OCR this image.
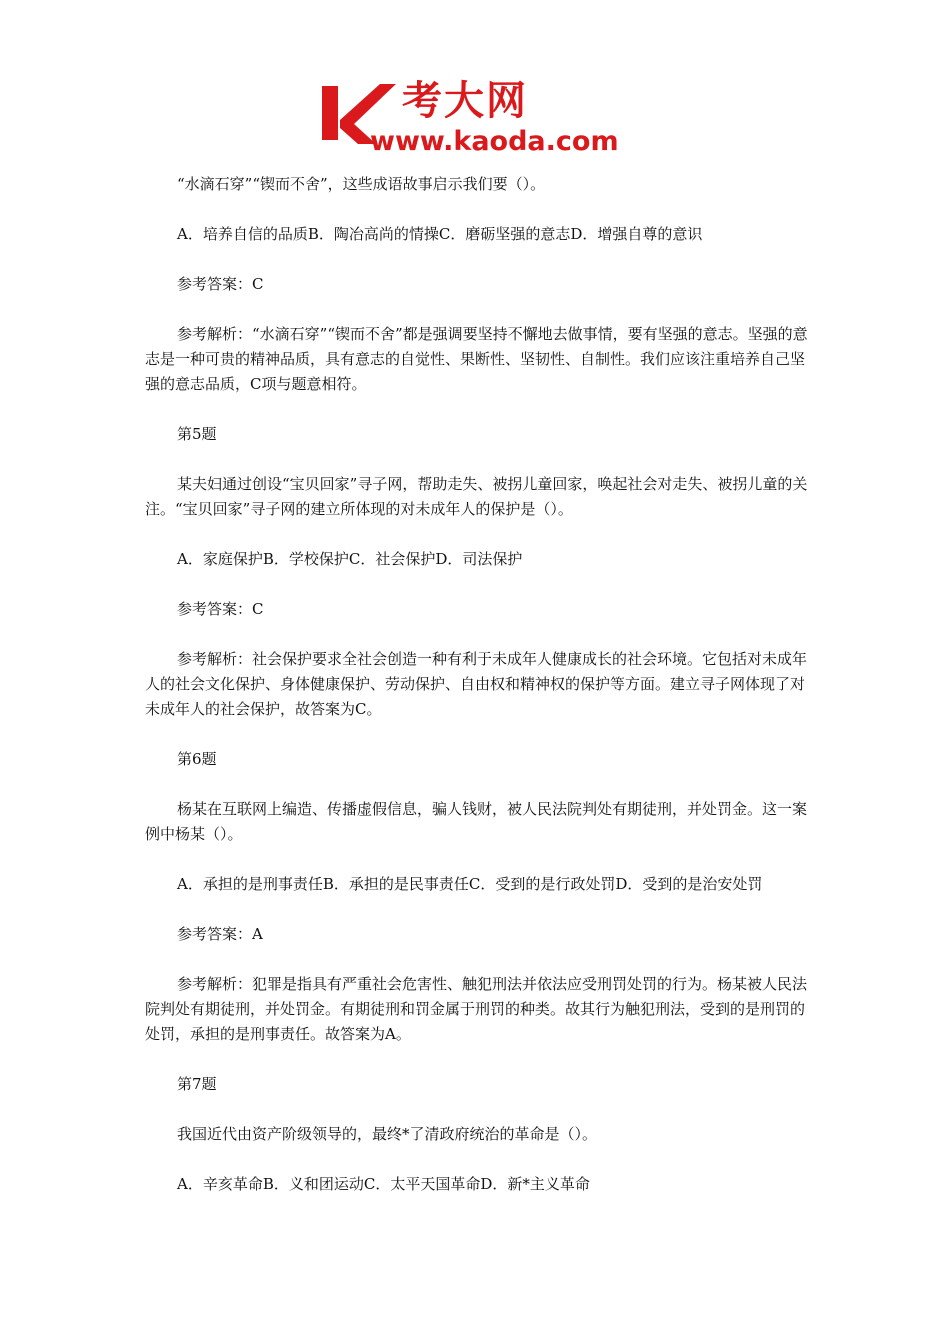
考大网
www.kaoda.com

“水滴石穿”“锲而不舍”，这些成语故事启示我们要（）。

A．培养自信的品质B．陶冶高尚的情操C．磨砺坚强的意志D．增强自尊的意识

参考答案：C

参考解析：“水滴石穿”“锲而不舍”都是强调要坚持不懈地去做事情，要有坚强的意志。坚强的意志是一种可贵的精神品质，具有意志的自觉性、果断性、坚韧性、自制性。我们应该注重培养自己坚强的意志品质，C项与题意相符。

第5题

某夫妇通过创设“宝贝回家”寻子网，帮助走失、被拐儿童回家，唤起社会对走失、被拐儿童的关注。“宝贝回家”寻子网的建立所体现的对未成年人的保护是（）。

A．家庭保护B．学校保护C．社会保护D．司法保护

参考答案：C

参考解析：社会保护要求全社会创造一种有利于未成年人健康成长的社会环境。它包括对未成年人的社会文化保护、身体健康保护、劳动保护、自由权和精神权的保护等方面。建立寻子网体现了对未成年人的社会保护，故答案为C。

第6题

杨某在互联网上编造、传播虚假信息，骗人钱财，被人民法院判处有期徒刑，并处罚金。这一案例中杨某（）。

A．承担的是刑事责任B．承担的是民事责任C．受到的是行政处罚D．受到的是治安处罚

参考答案：A

参考解析：犯罪是指具有严重社会危害性、触犯刑法并依法应受刑罚处罚的行为。杨某被人民法院判处有期徒刑，并处罚金。有期徒刑和罚金属于刑罚的种类。故其行为触犯刑法，受到的是刑罚的处罚，承担的是刑事责任。故答案为A。

第7题

我国近代由资产阶级领导的，最终*了清政府统治的革命是（）。

A．辛亥革命B．义和团运动C．太平天国革命D．新*主义革命
